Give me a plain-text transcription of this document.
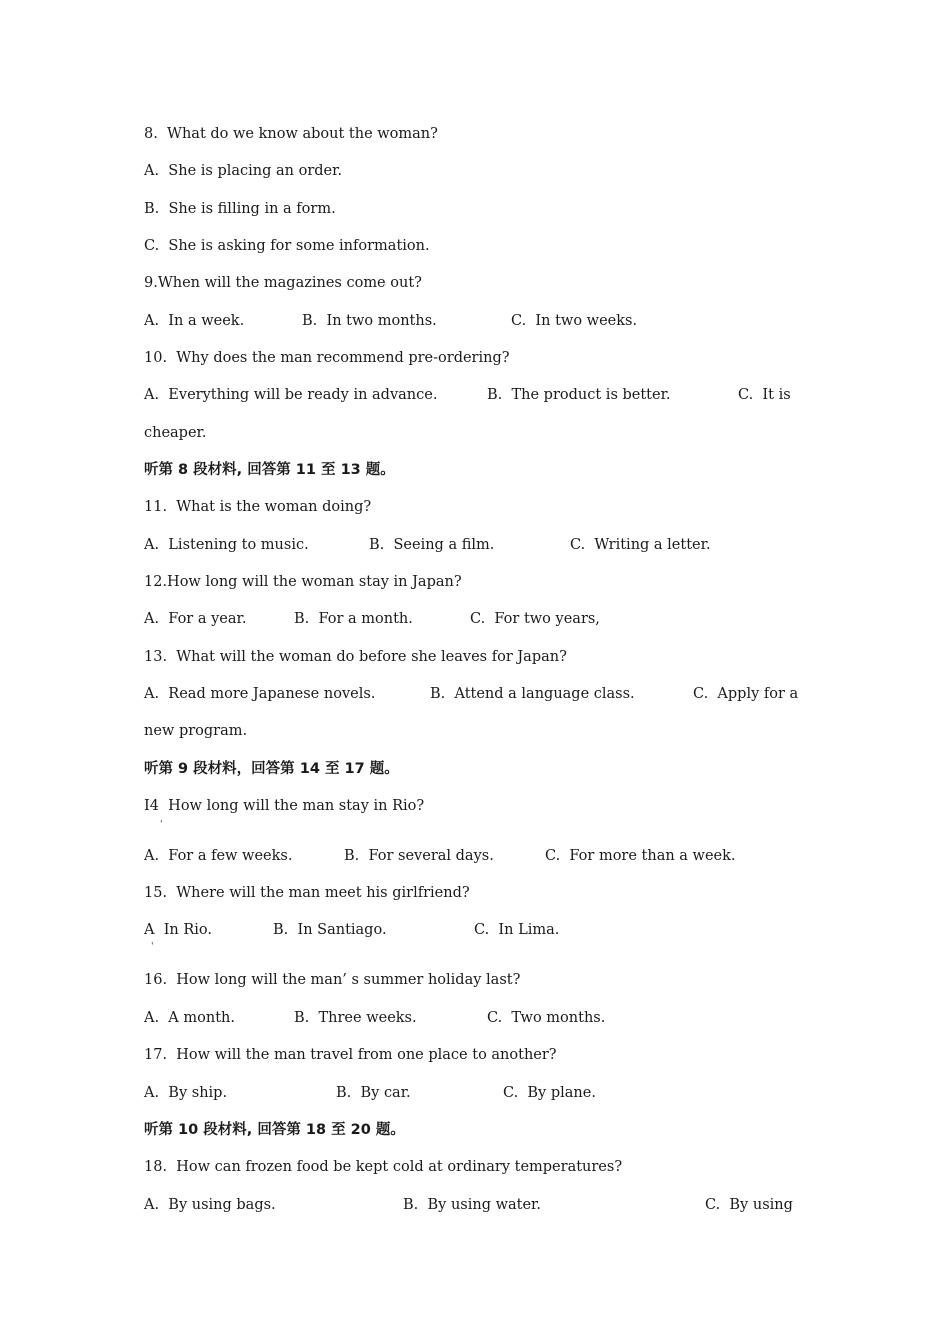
8.  What do we know about the woman?
A.  She is placing an order.
B.  She is filling in a form.
C.  She is asking for some information.
9.When will the magazines come out?
A.  In a week.	B.  In two months.	C.  In two weeks.
10.  Why does the man recommend pre-ordering?
A.  Everything will be ready in advance.	B.  The product is better.	C.  It is
cheaper.
听第 8 段材料, 回答第 11 至 13 题。
11.  What is the woman doing?
A.  Listening to music.	B.  Seeing a film.	C.  Writing a letter.
12.How long will the woman stay in Japan?
A.  For a year.	B.  For a month.	C.  For two years,
13.  What will the woman do before she leaves for Japan?
A.  Read more Japanese novels.	B.  Attend a language class.	C.  Apply for a
new program.
听第 9 段材料，回答第 14 至 17 题。
I4  How long will the man stay in Rio?
'
A.  For a few weeks.	B.  For several days.	C.  For more than a week.
15.  Where will the man meet his girlfriend?
A  In Rio.
'
B.  In Santiago.	C.  In Lima.
16.  How long will the man’ s summer holiday last?
A.  A month.	B.  Three weeks.	C.  Two months.
17.  How will the man travel from one place to another?
A.  By ship.	B.  By car.	C.  By plane.
听第 10 段材料, 回答第 18 至 20 题。
18.  How can frozen food be kept cold at ordinary temperatures?
A.  By using bags.	B.  By using water.	C.  By using
